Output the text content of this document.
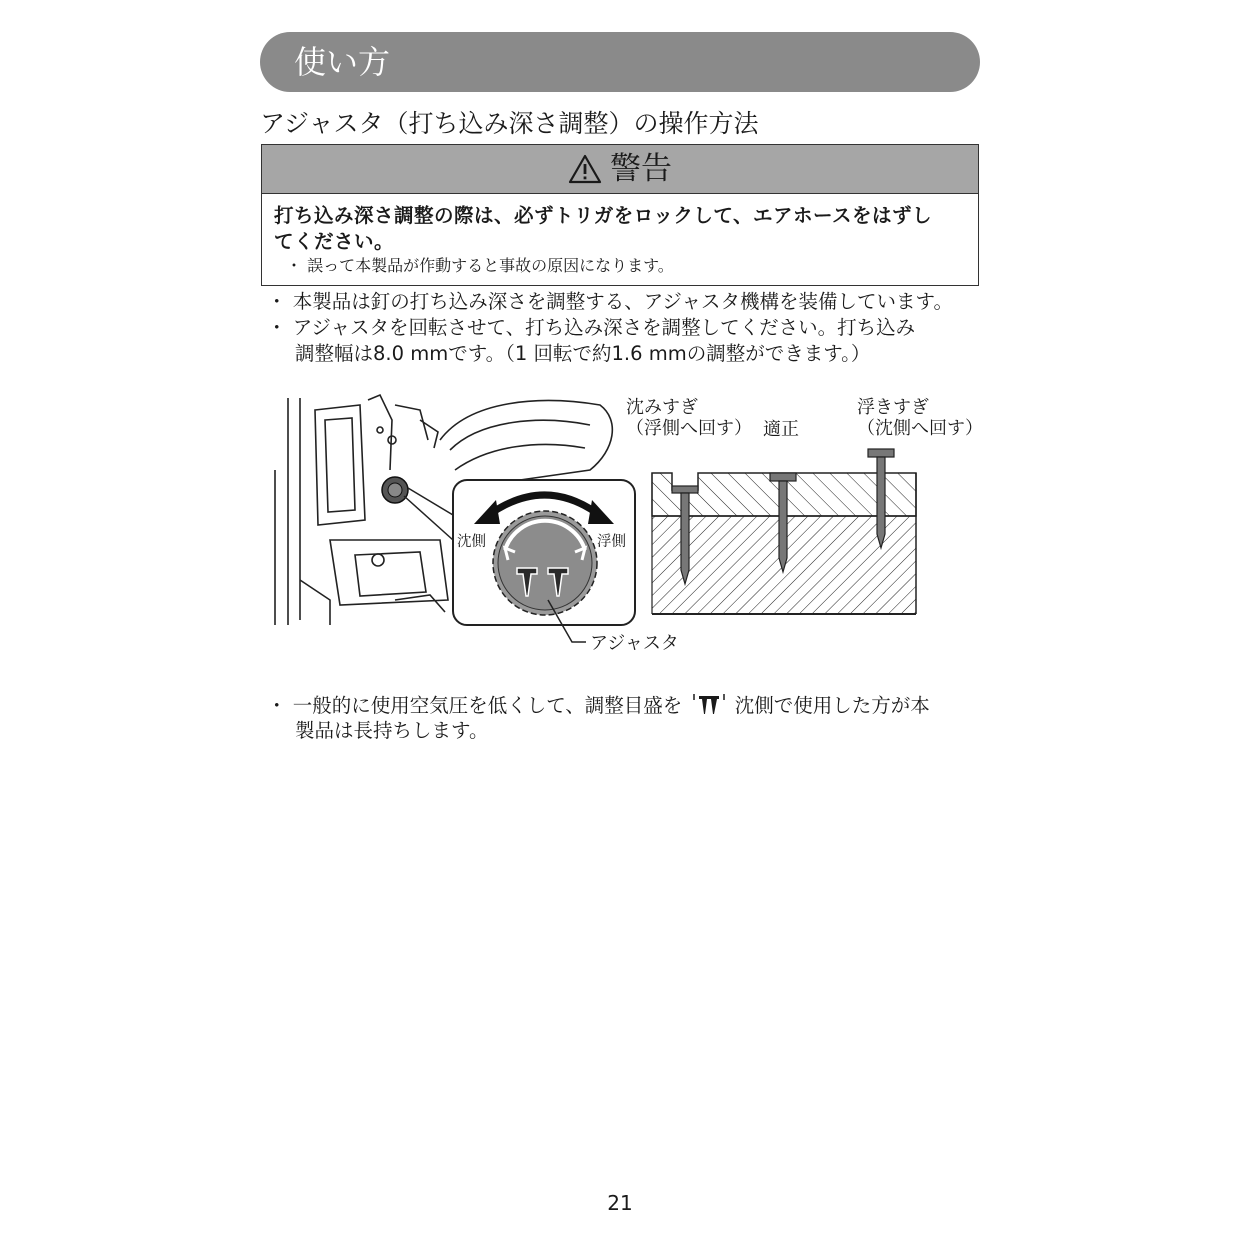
使い方
アジャスタ（打ち込み深さ調整）の操作方法
警告
打ち込み深さ調整の際は、必ずトリガをロックして、エアホースをはずし
てください。
・ 誤って本製品が作動すると事故の原因になります。
・ 本製品は釘の打ち込み深さを調整する、アジャスタ機構を装備しています。
・ アジャスタを回転させて、打ち込み深さを調整してください。打ち込み
調整幅は8.0 mmです。（1 回転で約1.6 mmの調整ができます。）
沈側	浮側
アジャスタ
沈みすぎ
（浮側へ回す） 適正
浮きすぎ
（沈側へ回す）
・ 一般的に使用空気圧を低くして、調整目盛を	沈側で使用した方が本
製品は長持ちします。
21
